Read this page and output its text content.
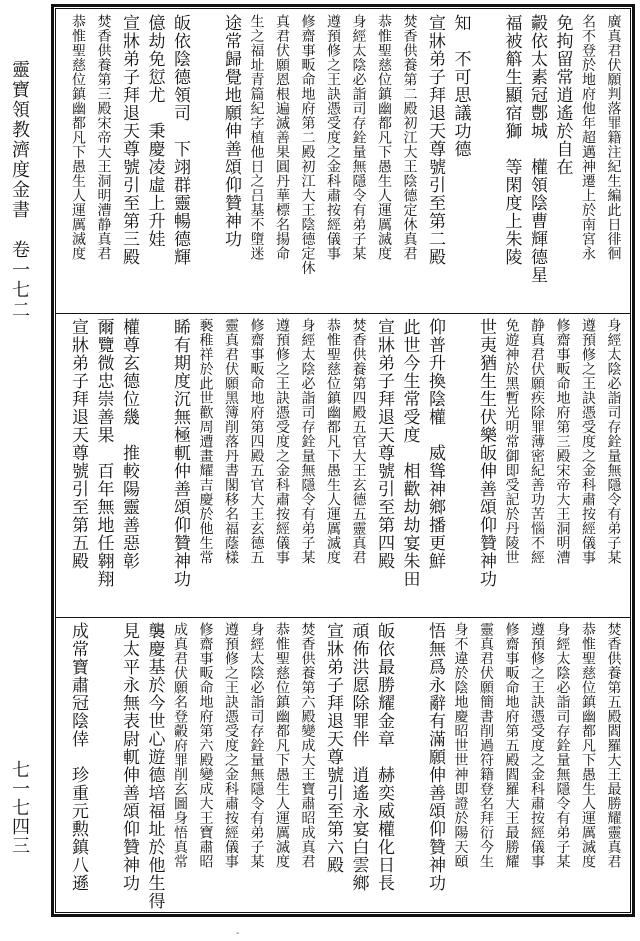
靈寶領教濟度金書　卷一七二
七一七四三
廣真君伏願判落罪籍注紀生編此日徘徊
名不登於地府他年超邁神遷上於南宮永
免拘留常逍遙於自在
㲉依太素冠鄷城　權領陰曹輝德星
福被䈸生顯宿獅　等閑度上朱陵
知　不可思議功德
宣牀弟子拜退天尊號引至第二殿
焚香供養第二殿初江大王陰德定休真君
恭惟聖慈位鎮幽都凡下愚生人運厲滅度
身經太陰必詣司存銓量無隱令有弟子某
遵預修之王訣憑受度之金科肅按經儀事
修齋事畈命地府第二殿初江大王陰德定休
真君伏願恩根遍滅善果圓丹華標名揚命
生之福址青篇紀字植他日之吕基不墮迷
途常歸覺地願伸善頌仰贊神功
皈依陰德領司　下翊群靈暢德輝
億劫免愆尤　秉慶凌虛上升娃
宣牀弟子拜退天尊號引至第三殿
焚香供養第三殿宋帝大王洞明漕静真君
恭惟聖慈位鎮幽都凡下愚生人運厲滅度
身經太陰必詣司存銓量無隱令有弟子某
遵預修之王訣憑受度之金科肅按經儀事
修齋事畈命地府第三殿宋帝大王洞明漕
静真君伏願疾除罪薄密紀善功苦惱不經
免遊神於黑暫光明常御即受記於丹陵世
世夷猶生生伏樂皈伸善頌仰贊神功
仰普升換陰權　威聳神鄉播更鮮
此世今生常受度　相歡劫劫宴朱田
宣牀弟子拜退天尊號引至第四殿
焚香供養第四殿五官大王玄德五靈真君
恭惟聖慈位鎮幽都凡下愚生人運厲滅度
身經太陰必詣司存銓量無隱令有弟子某
遵預修之王訣憑受度之金科肅按經儀事
修齋事畈命地府第四殿五官大王玄德五
靈真君伏願黑簿削落丹書閣移名福蔭樣
褻稚祥於此世歡周遭畫耀吉慶於他生常
睎有期度沉無極軏仲善頌仰贊神功
權尊玄德位㡬　推較陽靈善惡彰
爾覽微忠崇善果　百年無地任翱翔
宣牀弟子拜退天尊號引至第五殿
焚香供養第五殿閻羅大王最勝耀靈真君
恭惟聖慈位鎮幽都凡下愚生人運厲滅度
身經太陰必詣司存銓量無隱令有弟子某
遵預修之王訣憑受度之金科肅按經儀事
修齋事畈命地府第五殿閻羅大王最勝耀
靈真君伏願簡書削過符籍登名拜衍今生
身不違於陰地慶昭世世神即證於陽天頤
悟無爲永辭有滿願伸善頌仰贊神功
皈依最勝耀金章　赫奕威權化日長
頑佈洪愿除罪伴　逍遙永宴白雲鄉
宣牀弟子拜退天尊號引至第六殿
焚香供養第六殿變成大王寶肅昭成真君
恭惟聖慈位鎮幽都凡下愚生人運厲滅度
身經太陰必詣司存銓量無隱令有弟子某
遵預修之王訣憑受度之金科肅按經儀事
修齋事畈命地府第六殿變成大王寶肅昭
成真君伏願名登㲉府罪削玄圖身悟真常
襲慶基於今世心遊德培福址於他生得
見太平永無表尉軏伸善頌仰贊神功
成常寶肅冠陰倖　珍重元勲鎮八遜
-
